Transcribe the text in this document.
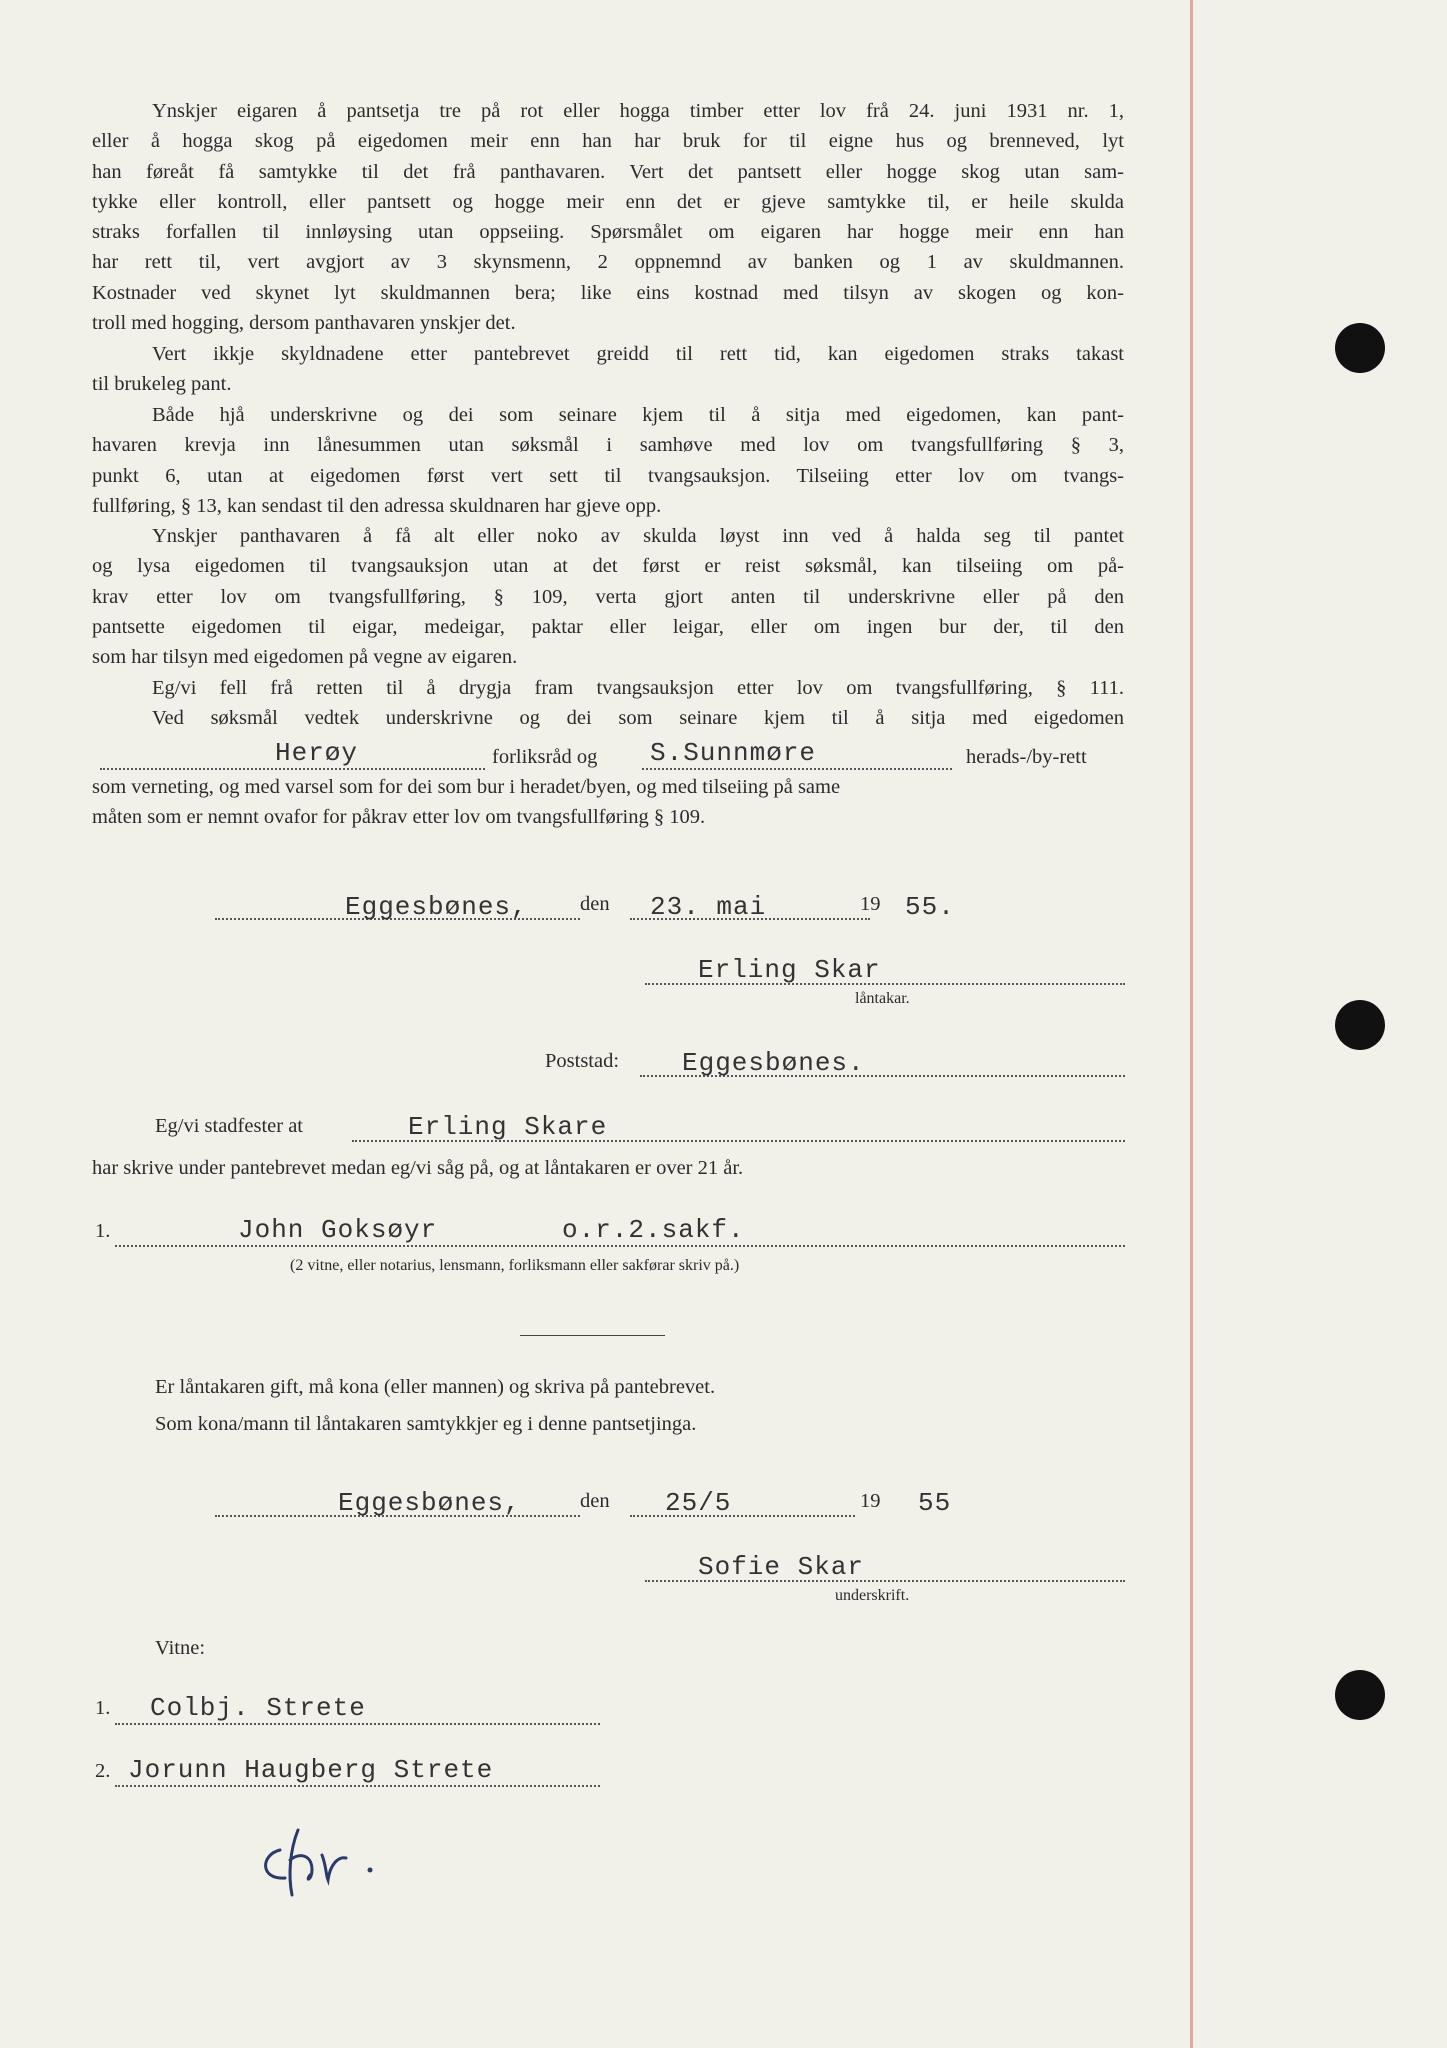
Ynskjer eigaren å pantsetja tre på rot eller hogga timber etter lov frå 24. juni 1931 nr. 1,
eller å hogga skog på eigedomen meir enn han har bruk for til eigne hus og brenneved, lyt
han føreåt få samtykke til det frå panthavaren. Vert det pantsett eller hogge skog utan sam-
tykke eller kontroll, eller pantsett og hogge meir enn det er gjeve samtykke til, er heile skulda
straks forfallen til innløysing utan oppseiing. Spørsmålet om eigaren har hogge meir enn han
har rett til, vert avgjort av 3 skynsmenn, 2 oppnemnd av banken og 1 av skuldmannen.
Kostnader ved skynet lyt skuldmannen bera; like eins kostnad med tilsyn av skogen og kon-
troll med hogging, dersom panthavaren ynskjer det.
Vert ikkje skyldnadene etter pantebrevet greidd til rett tid, kan eigedomen straks takast
til brukeleg pant.
Både hjå underskrivne og dei som seinare kjem til å sitja med eigedomen, kan pant-
havaren krevja inn lånesummen utan søksmål i samhøve med lov om tvangsfullføring § 3,
punkt 6, utan at eigedomen først vert sett til tvangsauksjon. Tilseiing etter lov om tvangs-
fullføring, § 13, kan sendast til den adressa skuldnaren har gjeve opp.
Ynskjer panthavaren å få alt eller noko av skulda løyst inn ved å halda seg til pantet
og lysa eigedomen til tvangsauksjon utan at det først er reist søksmål, kan tilseiing om på-
krav etter lov om tvangsfullføring, § 109, verta gjort anten til underskrivne eller på den
pantsette eigedomen til eigar, medeigar, paktar eller leigar, eller om ingen bur der, til den
som har tilsyn med eigedomen på vegne av eigaren.
Eg/vi fell frå retten til å drygja fram tvangsauksjon etter lov om tvangsfullføring, § 111.
Ved søksmål vedtek underskrivne og dei som seinare kjem til å sitja med eigedomen
Herøy	forliksråd og S.Sunnmøre	herads-/by-rett
som verneting, og med varsel som for dei som bur i heradet/byen, og med tilseiing på same
måten som er nemnt ovafor for påkrav etter lov om tvangsfullføring § 109.
Eggesbønes,	den 23. mai	19 55.
Erling Skar
låntakar.
Poststad: Eggesbønes.
Eg/vi stadfester at	Erling Skare
har skrive under pantebrevet medan eg/vi såg på, og at låntakaren er over 21 år.
1.	John Goksøyr	o.r.2.sakf.
(2 vitne, eller notarius, lensmann, forliksmann eller sakførar skriv på.)
Er låntakaren gift, må kona (eller mannen) og skriva på pantebrevet.
Som kona/mann til låntakaren samtykkjer eg i denne pantsetjinga.
Eggesbønes,	den 25/5	19 55
Sofie Skar
underskrift.
Vitne:
1. Colbj. Strete
2. Jorunn Haugberg Strete
